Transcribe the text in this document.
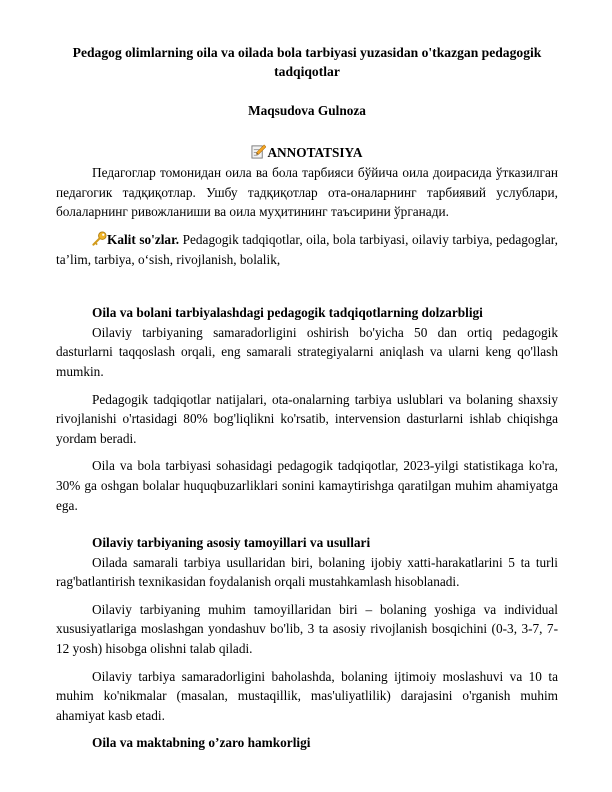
Pedagog olimlarning oila va oilada bola tarbiyasi yuzasidan o'tkazgan pedagogik tadqiqotlar
Maqsudova Gulnoza
ANNOTATSIYA

Педагоглар томонидан оила ва бола тарбияси бўйича оила доирасида ўтказилган педагогик тадқиқотлар. Ушбу тадқиқотлар ота-оналарнинг тарбиявий услублари, болаларнинг ривожланиши ва оила муҳитининг таъсирини ўрганади.

Kalit so'zlar. Pedagogik tadqiqotlar, oila, bola tarbiyasi, oilaviy tarbiya, pedagoglar, ta’lim, tarbiya, o‘sish, rivojlanish, bolalik,

Oila va bolani tarbiyalashdagi pedagogik tadqiqotlarning dolzarbligi

Oilaviy tarbiyaning samaradorligini oshirish bo'yicha 50 dan ortiq pedagogik dasturlarni taqqoslash orqali, eng samarali strategiyalarni aniqlash va ularni keng qo'llash mumkin.

Pedagogik tadqiqotlar natijalari, ota-onalarning tarbiya uslublari va bolaning shaxsiy rivojlanishi o'rtasidagi 80% bog'liqlikni ko'rsatib, intervension dasturlarni ishlab chiqishga yordam beradi.

Oila va bola tarbiyasi sohasidagi pedagogik tadqiqotlar, 2023-yilgi statistikaga ko'ra, 30% ga oshgan bolalar huquqbuzarliklari sonini kamaytirishga qaratilgan muhim ahamiyatga ega.

Oilaviy tarbiyaning asosiy tamoyillari va usullari

Oilada samarali tarbiya usullaridan biri, bolaning ijobiy xatti-harakatlarini 5 ta turli rag'batlantirish texnikasidan foydalanish orqali mustahkamlash hisoblanadi.

Oilaviy tarbiyaning muhim tamoyillaridan biri – bolaning yoshiga va individual xususiyatlariga moslashgan yondashuv bo'lib, 3 ta asosiy rivojlanish bosqichini (0-3, 3-7, 7-12 yosh) hisobga olishni talab qiladi.

Oilaviy tarbiya samaradorligini baholashda, bolaning ijtimoiy moslashuvi va 10 ta muhim ko'nikmalar (masalan, mustaqillik, mas'uliyatlilik) darajasini o'rganish muhim ahamiyat kasb etadi.

Oila va maktabning o’zaro hamkorligi
